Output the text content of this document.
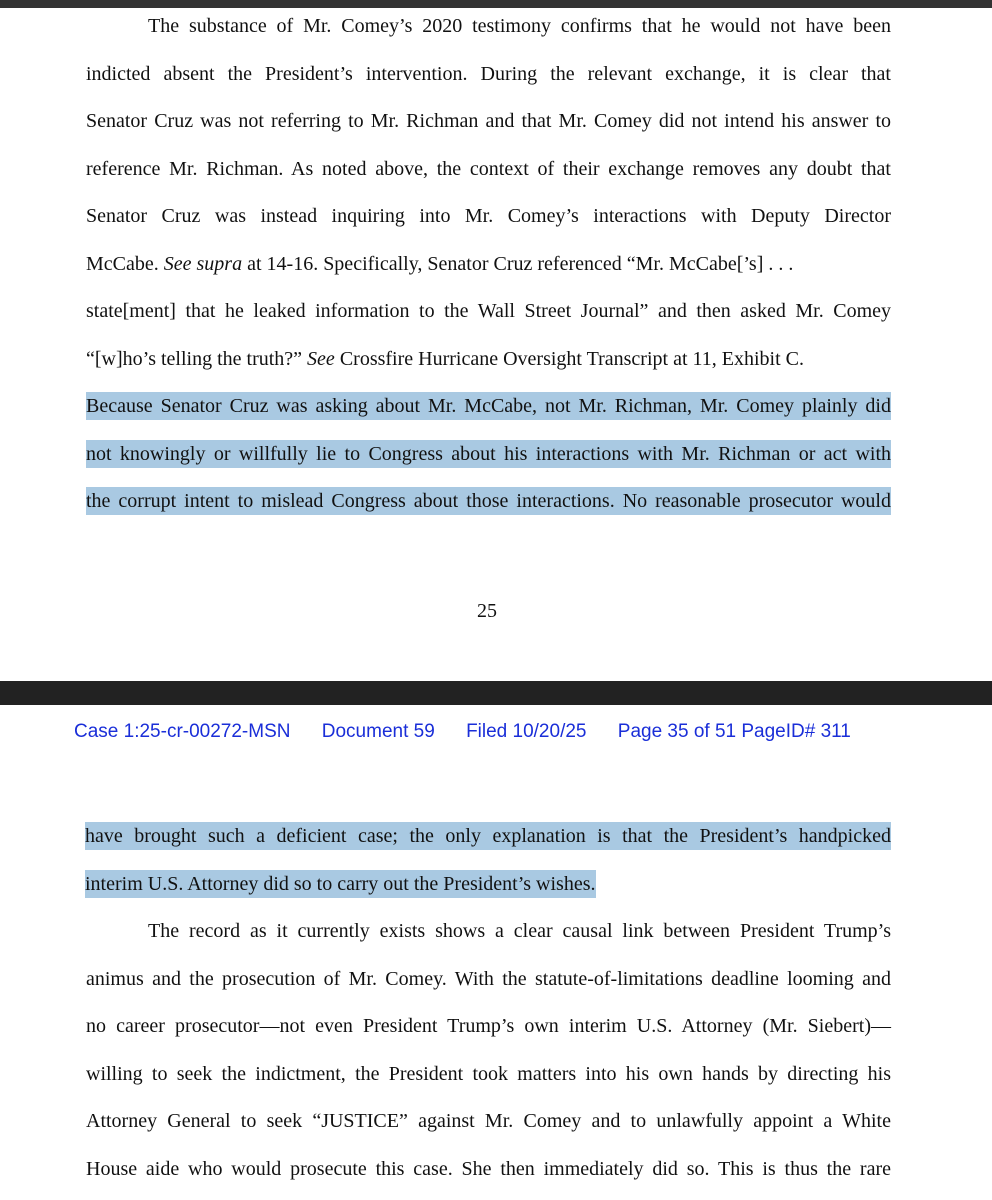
The substance of Mr. Comey’s 2020 testimony confirms that he would not have been
indicted absent the President’s intervention. During the relevant exchange, it is clear that
Senator Cruz was not referring to Mr. Richman and that Mr. Comey did not intend his answer to
reference Mr. Richman. As noted above, the context of their exchange removes any doubt that
Senator Cruz was instead inquiring into Mr. Comey’s interactions with Deputy Director
McCabe. See supra at 14-16. Specifically, Senator Cruz referenced “Mr. McCabe[’s] . . .
state[ment] that he leaked information to the Wall Street Journal” and then asked Mr. Comey
“[w]ho’s telling the truth?” See Crossfire Hurricane Oversight Transcript at 11, Exhibit C.
Because Senator Cruz was asking about Mr. McCabe, not Mr. Richman, Mr. Comey plainly did
not knowingly or willfully lie to Congress about his interactions with Mr. Richman or act with
the corrupt intent to mislead Congress about those interactions. No reasonable prosecutor would
25
Case 1:25-cr-00272-MSN Document 59 Filed 10/20/25 Page 35 of 51 PageID# 311
have brought such a deficient case; the only explanation is that the President’s handpicked
interim U.S. Attorney did so to carry out the President’s wishes.
The record as it currently exists shows a clear causal link between President Trump’s
animus and the prosecution of Mr. Comey. With the statute-of-limitations deadline looming and
no career prosecutor—not even President Trump’s own interim U.S. Attorney (Mr. Siebert)—
willing to seek the indictment, the President took matters into his own hands by directing his
Attorney General to seek “JUSTICE” against Mr. Comey and to unlawfully appoint a White
House aide who would prosecute this case. She then immediately did so. This is thus the rare
